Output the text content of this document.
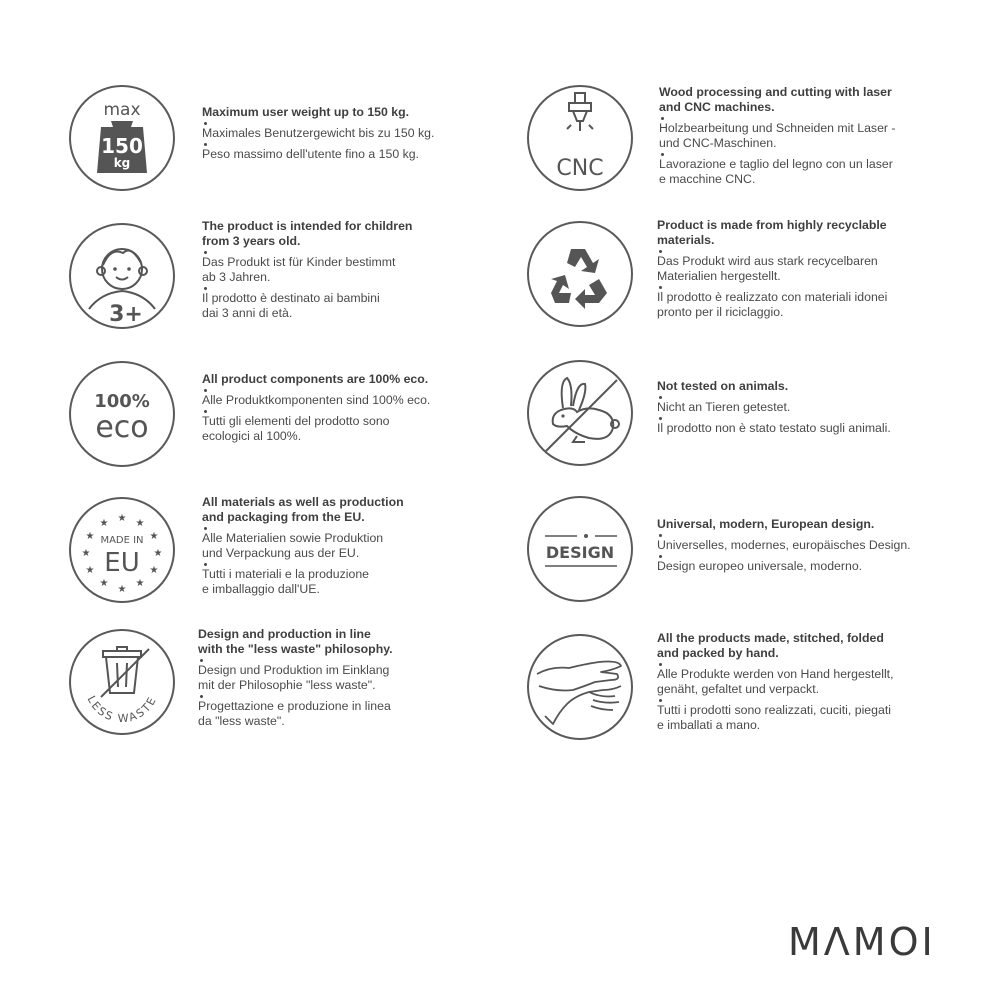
max
150
kg

Maximum user weight up to 150 kg.

Maximales Benutzergewicht bis zu 150 kg.

Peso massimo dell'utente fino a 150 kg.

CNC

Wood processing and cutting with laser

and CNC machines.

Holzbearbeitung und Schneiden mit Laser -

und CNC-Maschinen.

Lavorazione e taglio del legno con un laser

e macchine CNC.

3+

The product is intended for children

from 3 years old.

Das Produkt ist für Kinder bestimmt

ab 3 Jahren.

Il prodotto è destinato ai bambini

dai 3 anni di età.

Product is made from highly recyclable

materials.

Das Produkt wird aus stark recycelbaren

Materialien hergestellt.

Il prodotto è realizzato con materiali idonei

pronto per il riciclaggio.

100%
eco

All product components are 100% eco.

Alle Produktkomponenten sind 100% eco.

Tutti gli elementi del prodotto sono

ecologici al 100%.

Not tested on animals.

Nicht an Tieren getestet.

Il prodotto non è stato testato sugli animali.

★
★	★
★	★
★	★
★	★
★	★
★
MADE IN
EU

All materials as well as production

and packaging from the EU.

Alle Materialien sowie Produktion

und Verpackung aus der EU.

Tutti i materiali e la produzione

e imballaggio dall'UE.

DESIGN

Universal, modern, European design.

Universelles, modernes, europäisches Design.

Design europeo universale, moderno.

LESS WASTE

Design and production in line

with the "less waste" philosophy.

Design und Produktion im Einklang

mit der Philosophie "less waste".

Progettazione e produzione in linea

da "less waste".

All the products made, stitched, folded

and packed by hand.

Alle Produkte werden von Hand hergestellt,

genäht, gefaltet und verpackt.

Tutti i prodotti sono realizzati, cuciti, piegati

e imballati a mano.

MΛMOI
